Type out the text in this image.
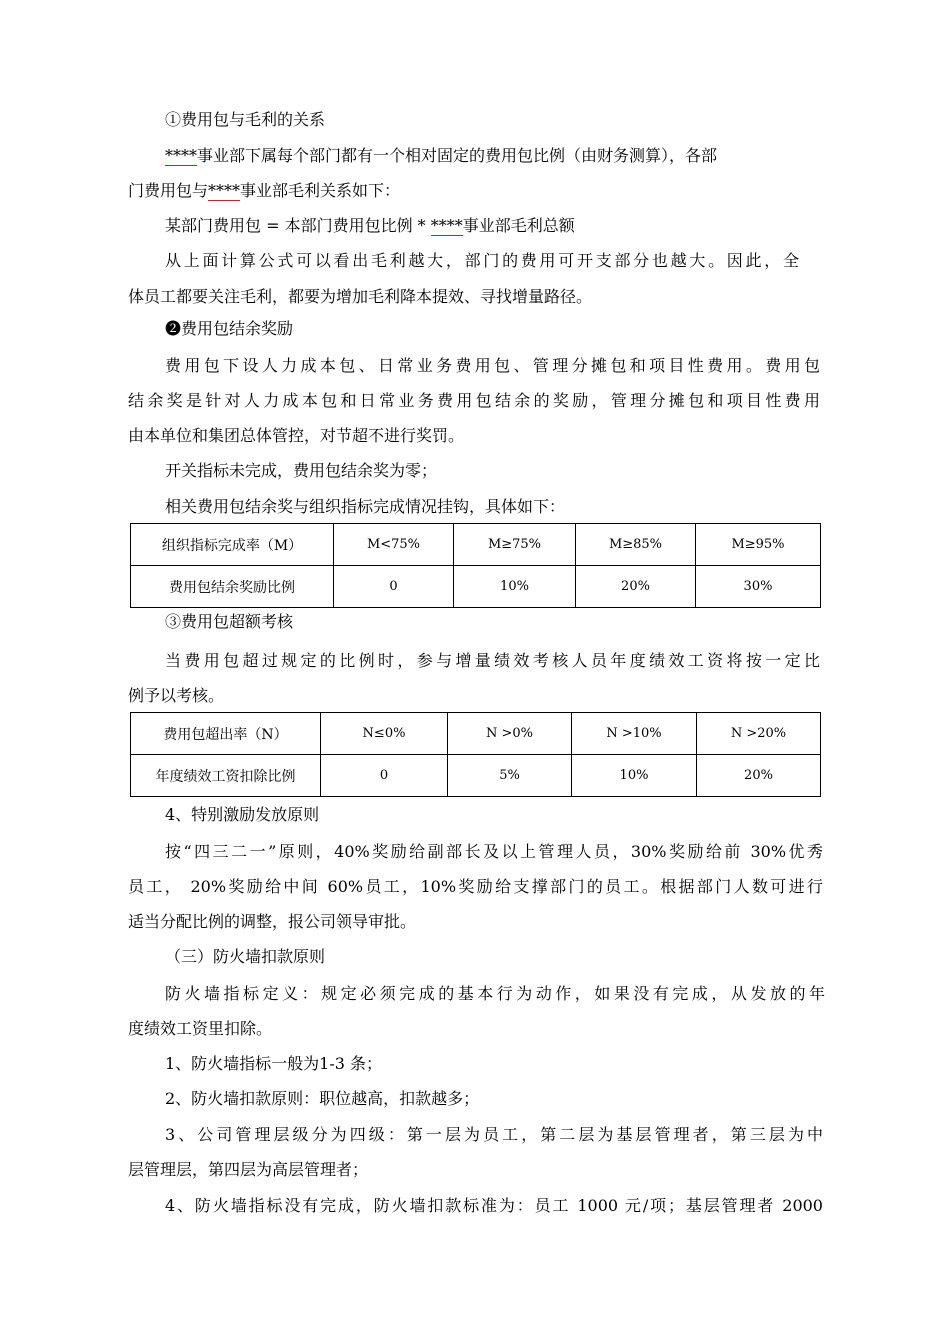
①费用包与毛利的关系
****事业部下属每个部门都有一个相对固定的费用包比例（由财务测算），各部
门费用包与****事业部毛利关系如下：
某部门费用包 = 本部门费用包比例 * ****事业部毛利总额
从上面计算公式可以看出毛利越大，部门的费用可开支部分也越大。因此，全
体员工都要关注毛利，都要为增加毛利降本提效、寻找增量路径。
❷费用包结余奖励
费用包下设人力成本包、日常业务费用包、管理分摊包和项目性费用。费用包
结余奖是针对人力成本包和日常业务费用包结余的奖励，管理分摊包和项目性费用
由本单位和集团总体管控，对节超不进行奖罚。
开关指标未完成，费用包结余奖为零；
相关费用包结余奖与组织指标完成情况挂钩，具体如下：
组织指标完成率（M）	M<75%	M≥75%	M≥85%	M≥95%
费用包结余奖励比例	0	10%	20%	30%
③费用包超额考核
当费用包超过规定的比例时，参与增量绩效考核人员年度绩效工资将按一定比
例予以考核。
费用包超出率（N）	N≤0%	N >0%	N >10%	N >20%
年度绩效工资扣除比例	0	5%	10%	20%
4、特别激励发放原则
按“四三二一”原则，40%奖励给副部长及以上管理人员，30%奖励给前 30%优秀
员工， 20%奖励给中间 60%员工，10%奖励给支撑部门的员工。根据部门人数可进行
适当分配比例的调整，报公司领导审批。
（三）防火墙扣款原则
防火墙指标定义：规定必须完成的基本行为动作，如果没有完成，从发放的年
度绩效工资里扣除。
1、防火墙指标一般为1-3 条；
2、防火墙扣款原则：职位越高，扣款越多；
3、公司管理层级分为四级：第一层为员工，第二层为基层管理者，第三层为中
层管理层，第四层为高层管理者；
4、防火墙指标没有完成，防火墙扣款标准为：员工 1000 元/项；基层管理者 2000
